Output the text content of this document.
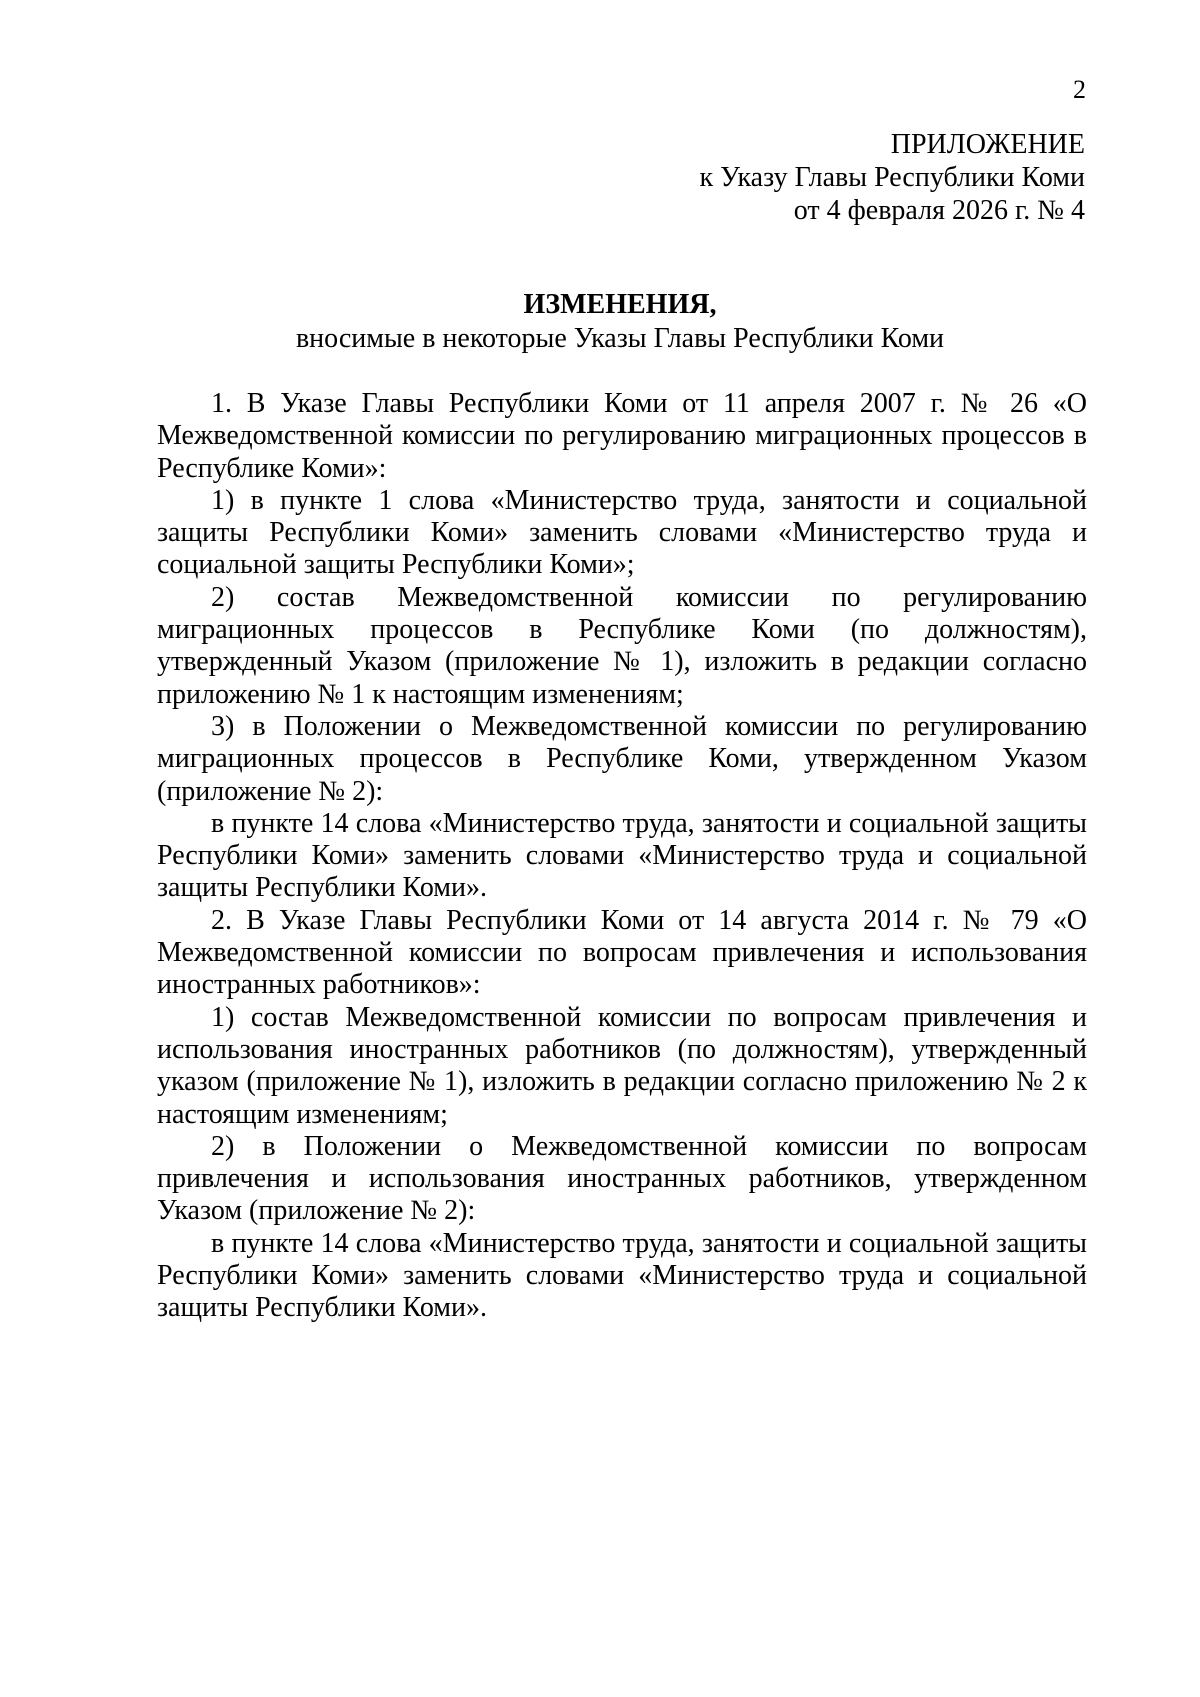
2
ПРИЛОЖЕНИЕ
к Указу Главы Республики Коми
от 4 февраля 2026 г. № 4
ИЗМЕНЕНИЯ,
вносимые в некоторые Указы Главы Республики Коми

1. В Указе Главы Республики Коми от 11 апреля 2007 г. № 26 «О Межведомственной комиссии по регулированию миграционных процессов в Республике Коми»:

1) в пункте 1 слова «Министерство труда, занятости и социальной защиты Республики Коми» заменить словами «Министерство труда и социальной защиты Республики Коми»;

2) состав Межведомственной комиссии по регулированию миграционных процессов в Республике Коми (по должностям), утвержденный Указом (приложение № 1), изложить в редакции согласно приложению № 1 к настоящим изменениям;

3) в Положении о Межведомственной комиссии по регулированию миграционных процессов в Республике Коми, утвержденном Указом (приложение № 2):

в пункте 14 слова «Министерство труда, занятости и социальной защиты Республики Коми» заменить словами «Министерство труда и социальной защиты Республики Коми».

2. В Указе Главы Республики Коми от 14 августа 2014 г. № 79 «О Межведомственной комиссии по вопросам привлечения и использования иностранных работников»:

1) состав Межведомственной комиссии по вопросам привлечения и использования иностранных работников (по должностям), утвержденный указом (приложение № 1), изложить в редакции согласно приложению № 2 к настоящим изменениям;

2) в Положении о Межведомственной комиссии по вопросам привлечения и использования иностранных работников, утвержденном Указом (приложение № 2):

в пункте 14 слова «Министерство труда, занятости и социальной защиты Республики Коми» заменить словами «Министерство труда и социальной защиты Республики Коми».
